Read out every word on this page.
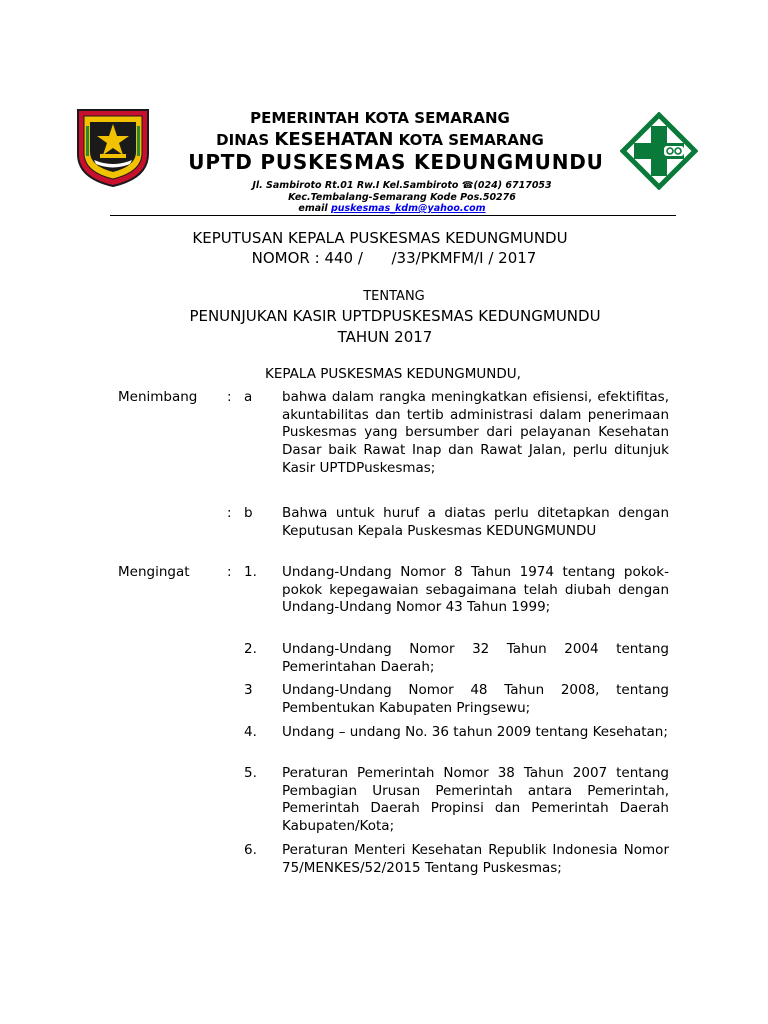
PEMERINTAH KOTA SEMARANG
DINAS KESEHATAN KOTA SEMARANG
UPTD PUSKESMAS KEDUNGMUNDU
Jl. Sambiroto Rt.01 Rw.I Kel.Sambiroto ☎(024) 6717053
Kec.Tembalang-Semarang Kode Pos.50276
email puskesmas_kdm@yahoo.com
KEPUTUSAN KEPALA PUSKESMAS KEDUNGMUNDU
NOMOR : 440 /      /33/PKMFM/I / 2017
TENTANG
PENUNJUKAN KASIR UPTDPUSKESMAS KEDUNGMUNDU
TAHUN 2017
KEPALA PUSKESMAS KEDUNGMUNDU,
Menimbang : a bahwa dalam rangka meningkatkan efisiensi, efektifitas, akuntabilitas dan tertib administrasi dalam penerimaan Puskesmas yang bersumber dari pelayanan Kesehatan Dasar baik Rawat Inap dan Rawat Jalan, perlu ditunjuk Kasir UPTDPuskesmas;
: b Bahwa untuk huruf a diatas perlu ditetapkan dengan Keputusan Kepala Puskesmas KEDUNGMUNDU
Mengingat	: 1. Undang-Undang Nomor 8 Tahun 1974 tentang pokok-pokok kepegawaian sebagaimana telah diubah dengan Undang-Undang Nomor 43 Tahun 1999;
2. Undang-Undang Nomor 32 Tahun 2004 tentang Pemerintahan Daerah;
3 Undang-Undang Nomor 48 Tahun 2008, tentang Pembentukan Kabupaten Pringsewu;
4. Undang – undang No. 36 tahun 2009 tentang Kesehatan;
5. Peraturan Pemerintah Nomor 38 Tahun 2007 tentang Pembagian Urusan Pemerintah antara Pemerintah, Pemerintah Daerah Propinsi dan Pemerintah Daerah Kabupaten/Kota;
6. Peraturan Menteri Kesehatan Republik Indonesia Nomor 75/MENKES/52/2015 Tentang Puskesmas;
